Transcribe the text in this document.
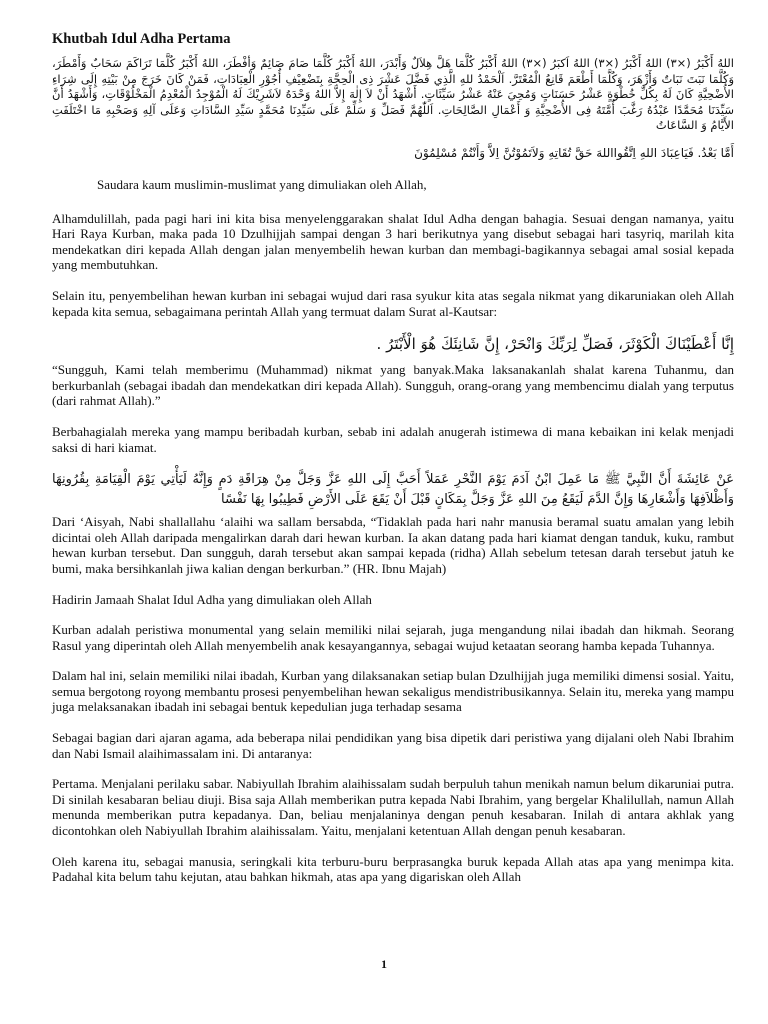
Khutbah Idul Adha Pertama

اللهُ أَكْبَرُ (×٣) اللهُ أَكْبَرُ (×٣) اللهُ اَكبَرُ (×٣) اللهُ أَكْبَرُ كُلَّمَا هَلَّ هِلاَلٌ وَأَبْدَرَ، اللهُ أَكْبَرُ كُلَّمَا صَامَ صَائِمٌ وَأفْطَرَ، اللهُ أَكْبَرُ كُلَّمَا تَرَاكَمَ سَحَابٌ وَأَمْطَرَ، وَكُلَّمَا نَبَتَ نَبَاتٌ وَأَزْهَرَ، وَكُلَّمَا أَطْعَمَ قَانِعُ الْمُعْتَرَّ. اَلْحَمْدُ للهِ الَّذِي فَضَّلَ عَشْرَ ذِى الْحِجَّةِ بِتَضْعِيْفِ أُجُوْرِ الْعِبَادَاتِ، فَمَنْ كَانَ خَرَجَ مِنْ بَيْتِهِ إِلَى شِرَاءِ الأُضْحِيَّةِ كَانَ لَهُ بِكُلِّ خُطْوَةٍ عَشْرُ حَسَنَاتٍ وَمُحِيَ عَنْهُ عَشْرُ سَيِّئَاتٍ. أَشْهَدُ أَنْ لاَ إِلٰهَ إِلاَّ اللهُ وَحْدَهُ لاَشَرِيْكَ لَهُ الْمُوْجِدُ الْمُعْدِمُ الْمَخْلُوْقَاتِ، وَأَشْهَدُ أَنَّ سَيِّدَنَا مُحَمَّدًا عَبْدُهُ رَغَّبَ أُمَّتَهُ فِى الأُضْحِيَّةِ وَ أَعْمَالِ الصَّالِحَاتِ. اَللّٰهُمَّ فَصَلِّ وَ سَلِّمْ عَلَى سَيِّدِنَا مُحَمَّدٍ سَيِّدِ السَّادَاتِ وَعَلَى آلِهِ وَصَحْبِهِ مَا اخْتَلَفَتِ الأَيَّامُ وَ السَّاعَاتُ

أَمَّا بَعْدُ. فَيَاعِبَادَ اللهِ اِتَّقُوااللهَ حَقَّ تُقَاتِهِ وَلاَتَمُوْتُنَّ اِلاَّ وَأَنْتُمْ مُسْلِمُوْنَ

Saudara kaum muslimin-muslimat yang dimuliakan oleh Allah,

Alhamdulillah, pada pagi hari ini kita bisa menyelenggarakan shalat Idul Adha dengan bahagia. Sesuai dengan namanya, yaitu Hari Raya Kurban, maka pada 10 Dzulhijjah sampai dengan 3 hari berikutnya yang disebut sebagai hari tasyriq, marilah kita mendekatkan diri kepada Allah dengan jalan menyembelih hewan kurban dan membagi-bagikannya sebagai amal sosial kepada yang membutuhkan.

Selain itu, penyembelihan hewan kurban ini sebagai wujud dari rasa syukur kita atas segala nikmat yang dikaruniakan oleh Allah kepada kita semua, sebagaimana perintah Allah yang termuat dalam Surat al-Kautsar:

إِنَّا أَعْطَيْنَاكَ الْكَوْثَرَ، فَصَلِّ لِرَبِّكَ وَانْحَرْ، إِنَّ شَانِئَكَ هُوَ الْأَبْتَرُ .

“Sungguh, Kami telah memberimu (Muhammad) nikmat yang banyak.Maka laksanakanlah shalat karena Tuhanmu, dan berkurbanlah (sebagai ibadah dan mendekatkan diri kepada Allah). Sungguh, orang-orang yang membencimu dialah yang terputus (dari rahmat Allah).”

Berbahagialah mereka yang mampu beribadah kurban, sebab ini adalah anugerah istimewa di mana kebaikan ini kelak menjadi saksi di hari kiamat.

عَنْ عَائِشَةَ أَنَّ النَّبِيَّ ﷺ مَا عَمِلَ ابْنُ آدَمَ يَوْمَ النَّحْرِ عَمَلاً أَحَبَّ إِلَى اللهِ عَزَّ وَجَلَّ مِنْ هِرَاقَةِ دَمٍ وَإِنَّهُ لَيَأْتِي يَوْمَ الْقِيَامَةِ بِقُرُونِهَا وَأَظْلاَفِهَا وَأَشْعَارِهَا وَإِنَّ الدَّمَ لَيَقَعُ مِنَ اللهِ عَزَّ وَجَلَّ بِمَكَانٍ قَبْلَ أَنْ يَقَعَ عَلَى الأَرْضِ فَطِيبُوا بِهَا نَفْسًا

Dari ‘Aisyah, Nabi shallallahu ‘alaihi wa sallam bersabda, “Tidaklah pada hari nahr manusia beramal suatu amalan yang lebih dicintai oleh Allah daripada mengalirkan darah dari hewan kurban. Ia akan datang pada hari kiamat dengan tanduk, kuku, rambut hewan kurban tersebut. Dan sungguh, darah tersebut akan sampai kepada (ridha) Allah sebelum tetesan darah tersebut jatuh ke bumi, maka bersihkanlah jiwa kalian dengan berkurban.” (HR. Ibnu Majah)

Hadirin Jamaah Shalat Idul Adha yang dimuliakan oleh Allah

Kurban adalah peristiwa monumental yang selain memiliki nilai sejarah, juga mengandung nilai ibadah dan hikmah. Seorang Rasul yang diperintah oleh Allah menyembelih anak kesayangannya, sebagai wujud ketaatan seorang hamba kepada Tuhannya.

Dalam hal ini, selain memiliki nilai ibadah, Kurban yang dilaksanakan setiap bulan Dzulhijjah juga memiliki dimensi sosial. Yaitu, semua bergotong royong membantu prosesi penyembelihan hewan sekaligus mendistribusikannya. Selain itu, mereka yang mampu juga melaksanakan ibadah ini sebagai bentuk kepedulian juga terhadap sesama

Sebagai bagian dari ajaran agama, ada beberapa nilai pendidikan yang bisa dipetik dari peristiwa yang dijalani oleh Nabi Ibrahim dan Nabi Ismail alaihimassalam ini. Di antaranya:

Pertama. Menjalani perilaku sabar. Nabiyullah Ibrahim alaihissalam sudah berpuluh tahun menikah namun belum dikaruniai putra. Di sinilah kesabaran beliau diuji. Bisa saja Allah memberikan putra kepada Nabi Ibrahim, yang bergelar Khalilullah, namun Allah menunda memberikan putra kepadanya. Dan, beliau menjalaninya dengan penuh kesabaran. Inilah di antara akhlak yang dicontohkan oleh Nabiyullah Ibrahim alaihissalam. Yaitu, menjalani ketentuan Allah dengan penuh kesabaran.

Oleh karena itu, sebagai manusia, seringkali kita terburu-buru berprasangka buruk kepada Allah atas apa yang menimpa kita. Padahal kita belum tahu kejutan, atau bahkan hikmah, atas apa yang digariskan oleh Allah

1
